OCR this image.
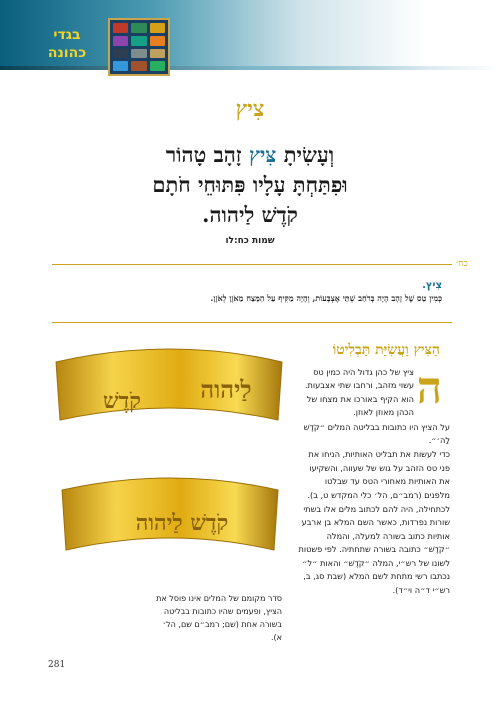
בגדי כהונה
צִיץ
וְעָשִׂיתָ צִּיץ זָהָב טָהוֹר
וּפִתַּחְתָּ עָלָיו פִּתּוּחֵי חֹתָם
קֹדֶשׁ לַיהוה.
שמות כח:לו
כח׳
צִיץ.
כְּמִין טַס שֶׁל זָהָב הָיָה בְּרֹחַב שְׁתֵּי אֶצְבָּעוֹת, וְהָיָה מַקִּיף עַל הַמֵּצַח מֵאֹזֶן לְאֹזֶן.
הַצִּיץ וַעֲשִׂיַּת תַּבְלִיטוֹ
ה

ציץ של כהן גדול היה כמין טס עשוי מזהב, ורחבו שתי אצבעות. הוא הקיף באורכו את מצחו של הכהן מאוזן לאוזן.

על הציץ היו כתובות בבליטה המלים ״קֹדֶשׁ לַה׳״.

כדי לעשות את תבליט האותיות, הניחו את פני טס הזהב על גוש של שעווה, והשקיעו את האותיות מאחורי הטס עד שבלטו מלפנים (רמב״ם, הל׳ כלי המקדש ט, ב).

לכתחילה, היה להם לכתוב מלים אלו בשתי שורות נפרדות, כאשר השם המלא בן ארבע אותיות כתוב בשורה למעלה, והמלה ״קֹדֶשׁ״ כתובה בשורה שתחתיה. לפי פשטות לשונו של רש״י, המלה ״קֹדֶשׁ״ והאות ״ל״ נכתבו רשי מתחת לשם המלא (שבת סג, ב, רש״י ד״ה וי״ד).

קֹדֶשׁ לַיהוה
קֹדֶשׁ לַיהוה
סדר מקומם של המלים אינו פוסל את הציץ, ופעמים שהיו כתובות בבליטה בשורה אחת (שם; רמב״ם שם, הל׳ א).
281
